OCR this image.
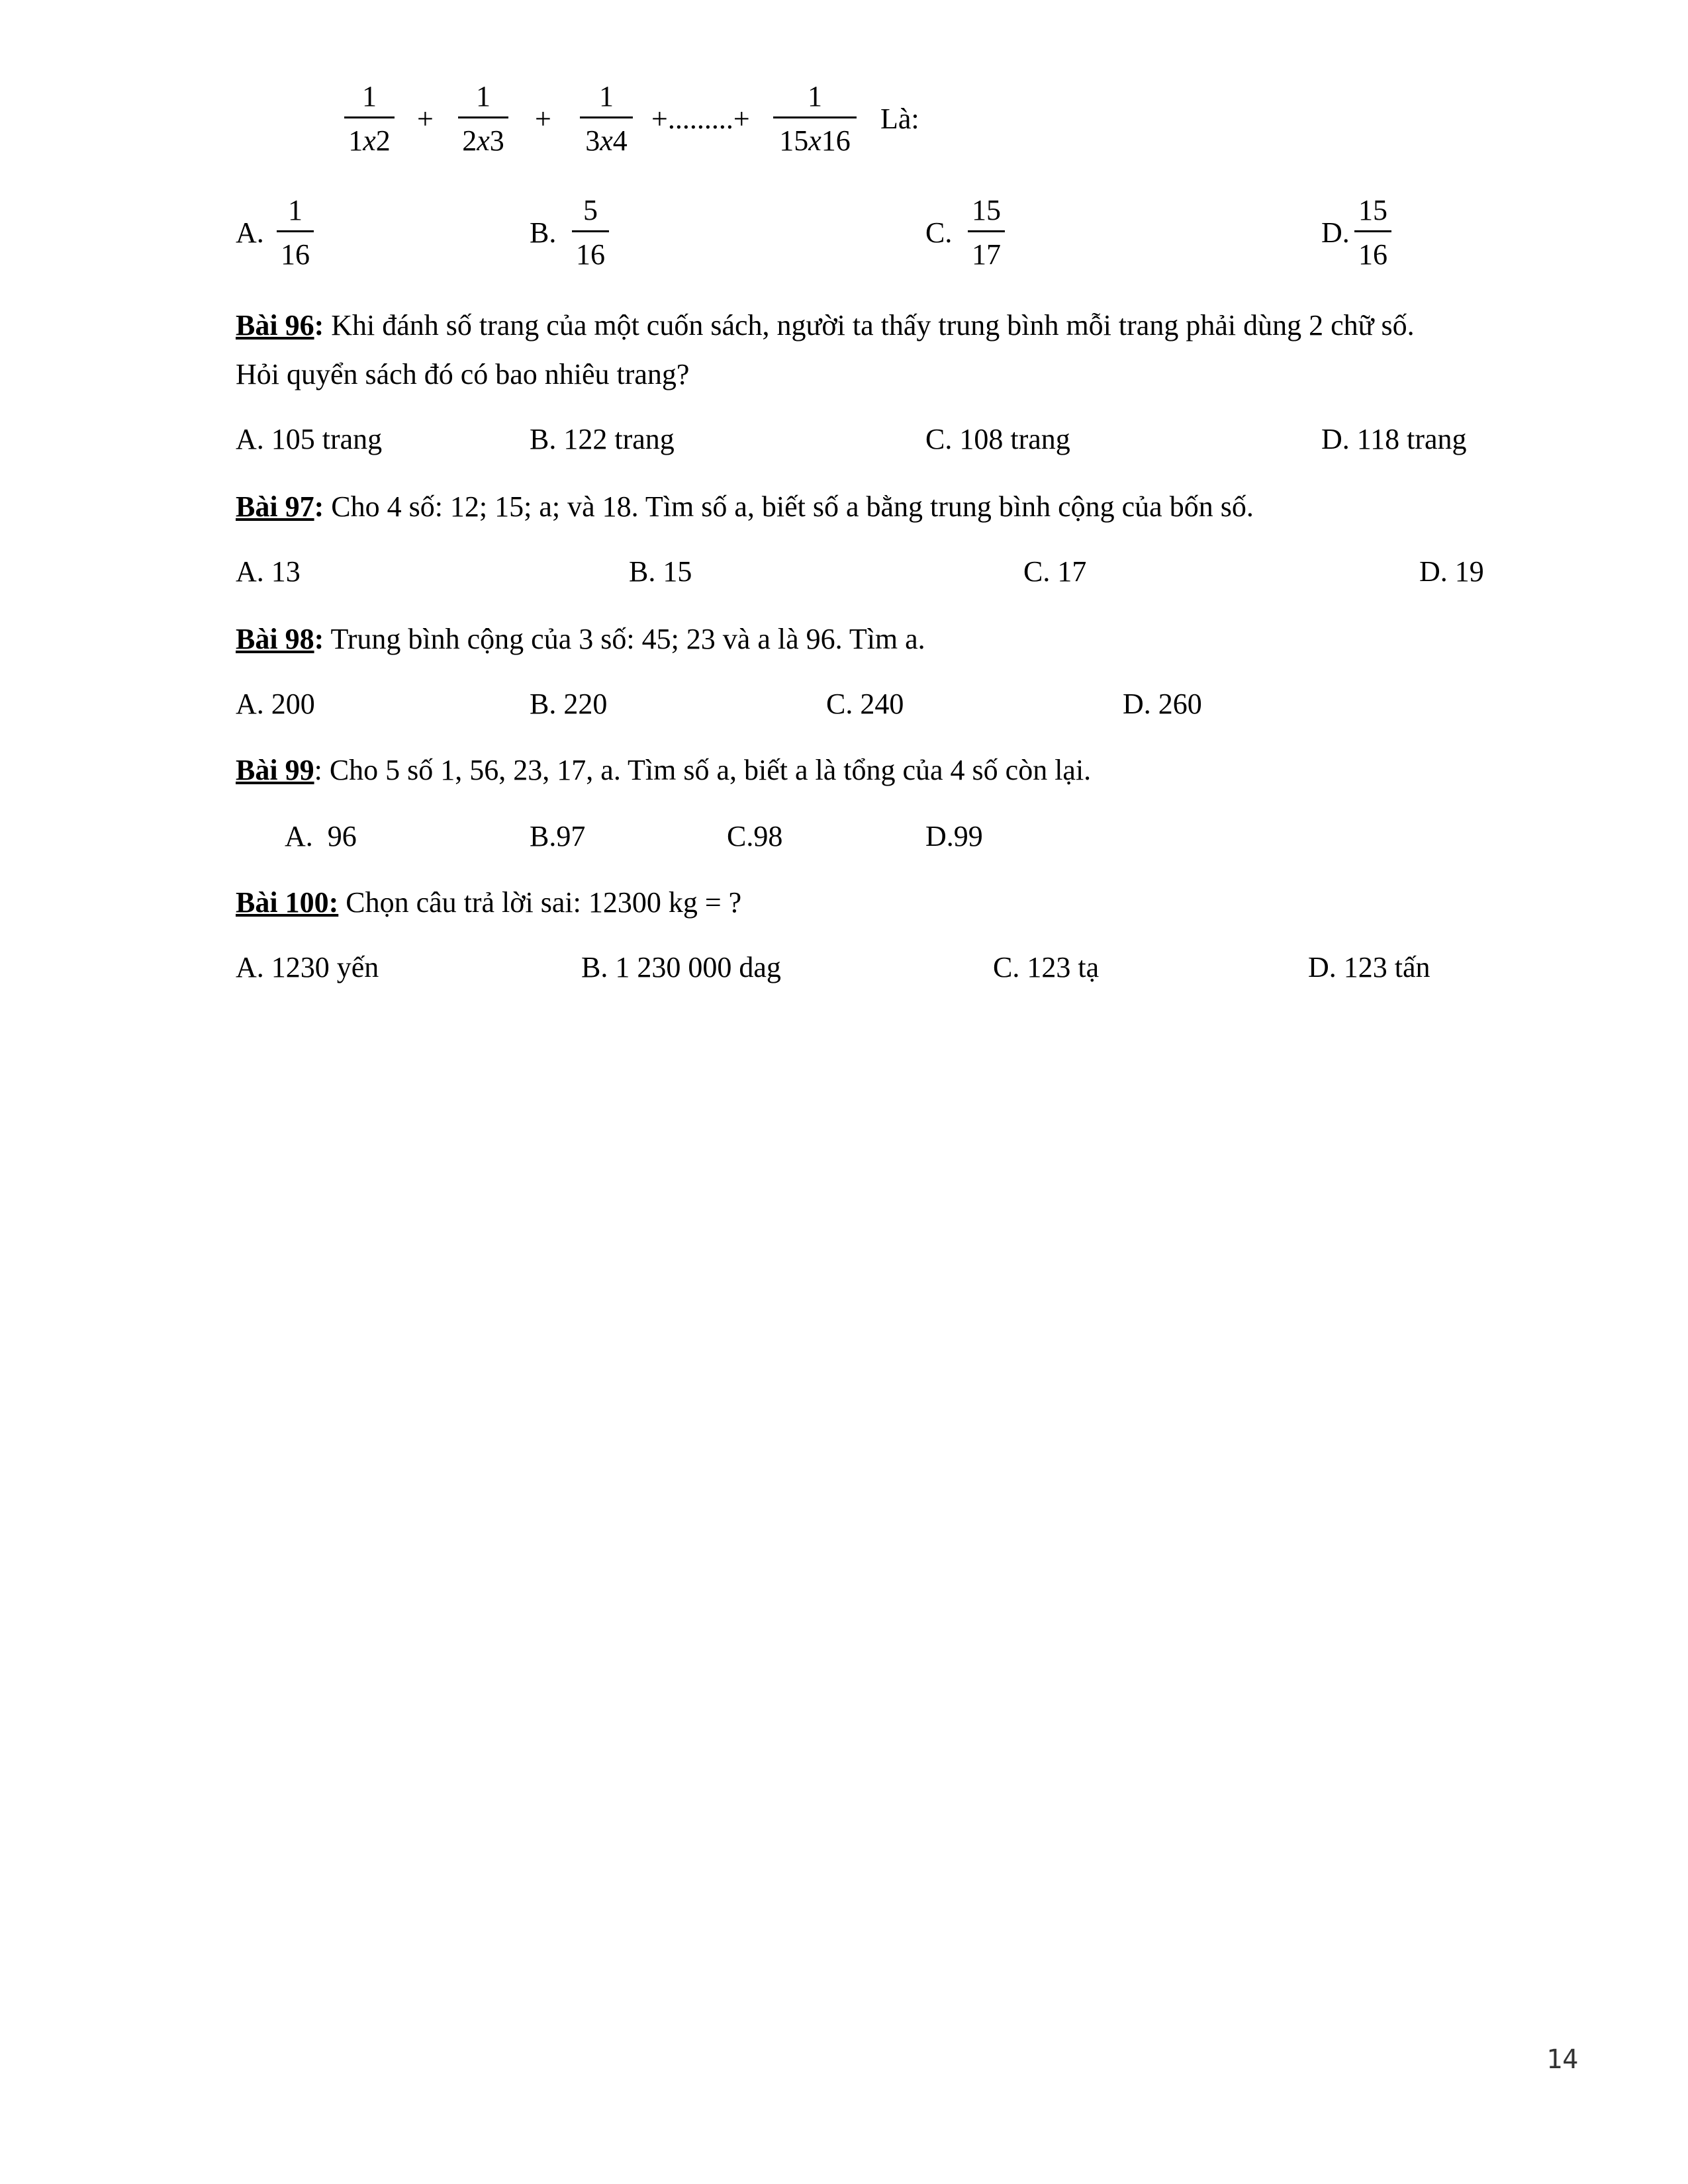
1
1x2
+
1
2x3
+
1
3x4
+.........+
1
15x16
Là:
A.
1
16
B.
5
16
C.
15
17
D.
15
16
Bài 96: Khi đánh số trang của một cuốn sách, người ta thấy trung bình mỗi trang phải dùng 2 chữ số.
Hỏi quyển sách đó có bao nhiêu trang?
A. 105 trang	B. 122 trang	C. 108 trang	D. 118 trang
Bài 97: Cho 4 số: 12; 15; a; và 18. Tìm số a, biết số a bằng trung bình cộng của bốn số.
A. 13	B. 15	C. 17	D. 19
Bài 98: Trung bình cộng của 3 số: 45; 23 và a là 96. Tìm a.
A. 200	B. 220	C. 240	D. 260
Bài 99: Cho 5 số 1, 56, 23, 17, a. Tìm số a, biết a là tổng của 4 số còn lại.
A.  96	B.97	C.98	D.99
Bài 100: Chọn câu trả lời sai: 12300 kg = ?
A. 1230 yến	B. 1 230 000 dag	C. 123 tạ	D. 123 tấn
14
